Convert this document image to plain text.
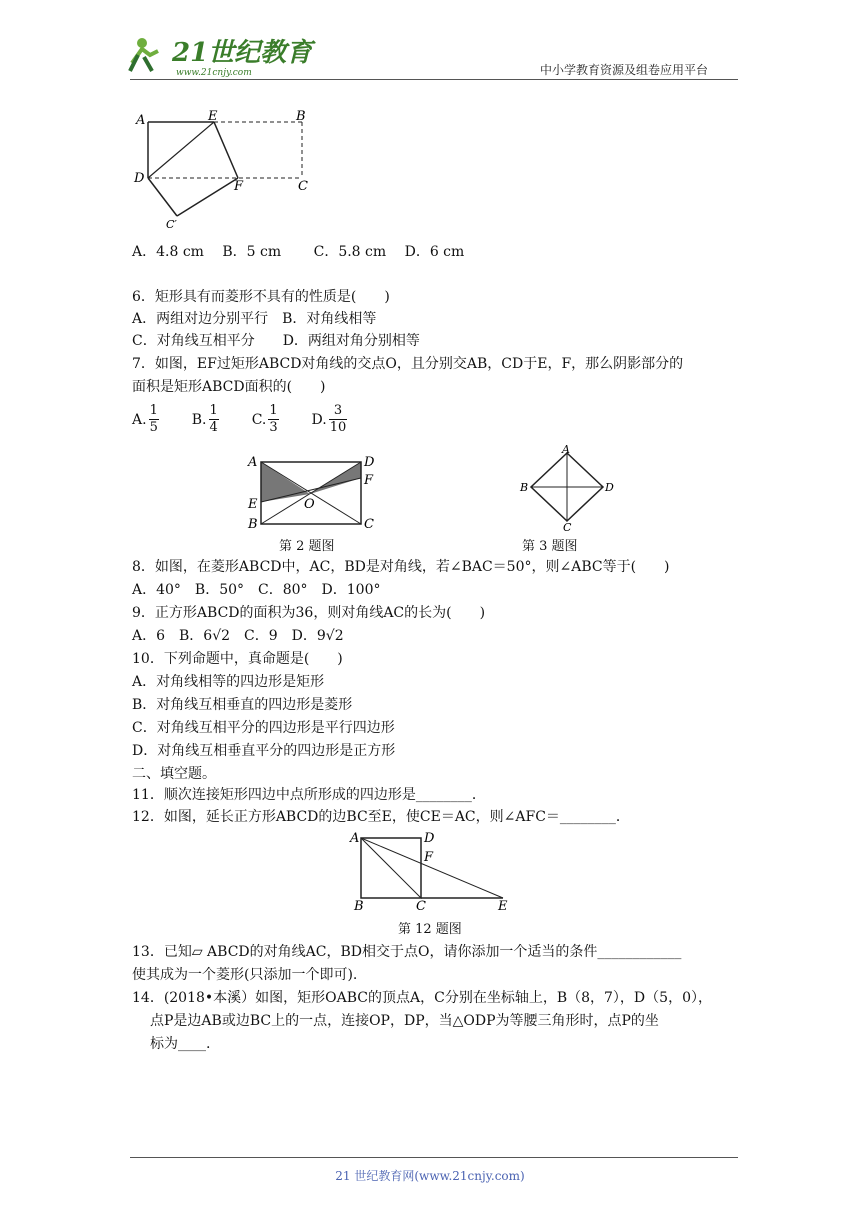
21世纪教育
www.21cnjy.com	中小学教育资源及组卷应用平台
A	E	B
D
F	C
C′
A．4.8 cm　 B．5 cm　 　C．5.8 cm　 D．6 cm
6．矩形具有而菱形不具有的性质是(　　)
A．两组对边分别平行　B．对角线相等
C．对角线互相平分　　D．两组对角分别相等
7．如图，EF过矩形ABCD对角线的交点O，且分别交AB，CD于E，F，那么阴影部分的
面积是矩形ABCD面积的(　　)
A. $\frac{1}{5} B$. $\frac{1}{4} C$. $\frac{1}{3} D$. $\frac{3}{10}$
A	D
F
E	O
B	C
第 2 题图
A
B	D
C
第 3 题图
8．如图，在菱形ABCD中，AC，BD是对角线，若∠BAC＝50°，则∠ABC等于(　　)
A．40°　B．50°　C．80°　D．100°
9．正方形ABCD的面积为36，则对角线AC的长为(　　)
A．6　B．6√2　C．9　D．9√2
10．下列命题中，真命题是(　　)
A．对角线相等的四边形是矩形
B．对角线互相垂直的四边形是菱形
C．对角线互相平分的四边形是平行四边形
D．对角线互相垂直平分的四边形是正方形
二、填空题。
11．顺次连接矩形四边中点所形成的四边形是________．
12．如图，延长正方形ABCD的边BC至E，使CE＝AC，则∠AFC＝________．
A	D
F
B	C	E
第 12 题图
13．已知▱ ABCD的对角线AC，BD相交于点O，请你添加一个适当的条件____________
使其成为一个菱形(只添加一个即可).
14．(2018•本溪）如图，矩形OABC的顶点A，C分别在坐标轴上，B（8，7），D（5，0），
点P是边AB或边BC上的一点，连接OP，DP，当△ODP为等腰三角形时，点P的坐
标为____.
21 世纪教育网(www.21cnjy.com)
